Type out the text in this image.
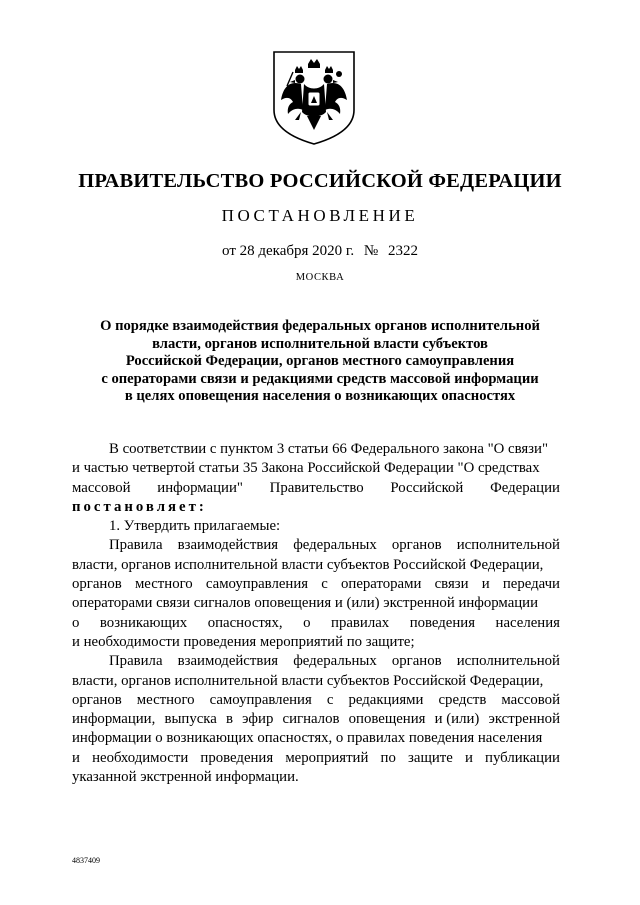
ПРАВИТЕЛЬСТВО РОССИЙСКОЙ ФЕДЕРАЦИИ
ПОСТАНОВЛЕНИЕ
от 28 декабря 2020 г. № 2322
МОСКВА
О порядке взаимодействия федеральных органов исполнительной
власти, органов исполнительной власти субъектов
Российской Федерации, органов местного самоуправления
с операторами связи и редакциями средств массовой информации
в целях оповещения населения о возникающих опасностях
В соответствии с пунктом 3 статьи 66 Федерального закона "О связи"
и частью четвертой статьи 35 Закона Российской Федерации "О средствах
массовой информации" Правительство Российской Федерации
постановляет:
1. Утвердить прилагаемые:
Правила взаимодействия федеральных органов исполнительной
власти, органов исполнительной власти субъектов Российской Федерации,
органов местного самоуправления с операторами связи и передачи
операторами связи сигналов оповещения и (или) экстренной информации
о возникающих опасностях, о правилах поведения населения
и необходимости проведения мероприятий по защите;
Правила взаимодействия федеральных органов исполнительной
власти, органов исполнительной власти субъектов Российской Федерации,
органов местного самоуправления с редакциями средств массовой
информации, выпуска в эфир сигналов оповещения и (или) экстренной
информации о возникающих опасностях, о правилах поведения населения
и необходимости проведения мероприятий по защите и публикации
указанной экстренной информации.
4837409
